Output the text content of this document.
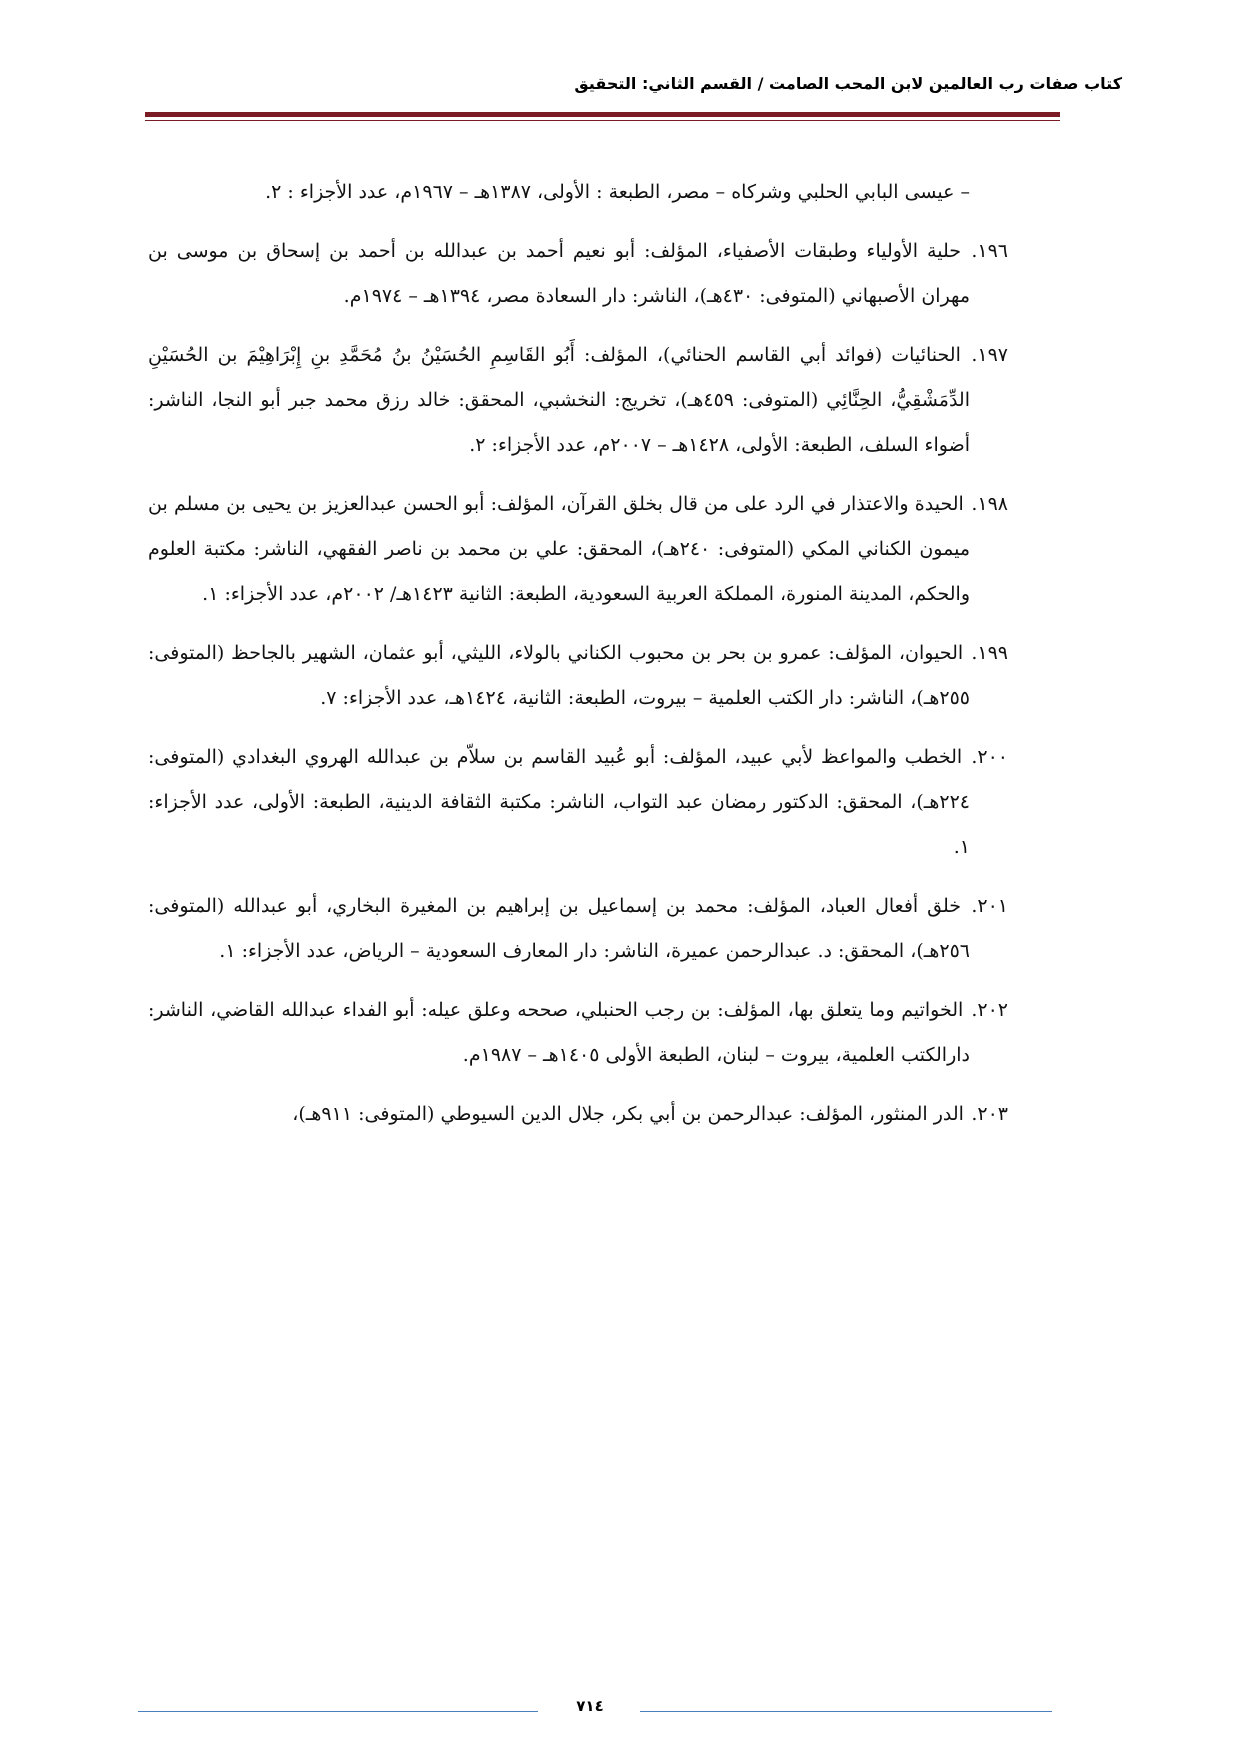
كتاب صفات رب العالمين لابن المحب الصامت / القسم الثاني: التحقيق

– عيسى البابي الحلبي وشركاه – مصر، الطبعة : الأولى، ١٣٨٧هـ – ١٩٦٧م، عدد الأجزاء : ٢.

١٩٦. حلية الأولياء وطبقات الأصفياء، المؤلف: أبو نعيم أحمد بن عبدالله بن أحمد بن إسحاق بن موسى بن مهران الأصبهاني (المتوفى: ٤٣٠هـ)، الناشر: دار السعادة مصر، ١٣٩٤هـ – ١٩٧٤م.

١٩٧. الحنائيات (فوائد أبي القاسم الحنائي)، المؤلف: أَبُو القَاسِمِ الحُسَيْنُ بنُ مُحَمَّدِ بنِ إِبْرَاهِيْمَ بن الحُسَيْنِ الدِّمَشْقِيُّ، الحِنَّائِي (المتوفى: ٤٥٩هـ)، تخريج: النخشبي، المحقق: خالد رزق محمد جبر أبو النجا، الناشر: أضواء السلف، الطبعة: الأولى، ١٤٢٨هـ – ٢٠٠٧م، عدد الأجزاء: ٢.

١٩٨. الحيدة والاعتذار في الرد على من قال بخلق القرآن، المؤلف: أبو الحسن عبدالعزيز بن يحيى بن مسلم بن ميمون الكناني المكي (المتوفى: ٢٤٠هـ)، المحقق: علي بن محمد بن ناصر الفقهي، الناشر: مكتبة العلوم والحكم، المدينة المنورة، المملكة العربية السعودية، الطبعة: الثانية ١٤٢٣هـ/ ٢٠٠٢م، عدد الأجزاء: ١.

١٩٩. الحيوان، المؤلف: عمرو بن بحر بن محبوب الكناني بالولاء، الليثي، أبو عثمان، الشهير بالجاحظ (المتوفى: ٢٥٥هـ)، الناشر: دار الكتب العلمية – بيروت، الطبعة: الثانية، ١٤٢٤هـ، عدد الأجزاء: ٧.

٢٠٠. الخطب والمواعظ لأبي عبيد، المؤلف: أبو عُبيد القاسم بن سلاّم بن عبدالله الهروي البغدادي (المتوفى: ٢٢٤هـ)، المحقق: الدكتور رمضان عبد التواب، الناشر: مكتبة الثقافة الدينية، الطبعة: الأولى، عدد الأجزاء: ١.

٢٠١. خلق أفعال العباد، المؤلف: محمد بن إسماعيل بن إبراهيم بن المغيرة البخاري، أبو عبدالله (المتوفى: ٢٥٦هـ)، المحقق: د. عبدالرحمن عميرة، الناشر: دار المعارف السعودية – الرياض، عدد الأجزاء: ١.

٢٠٢. الخواتيم وما يتعلق بها، المؤلف: بن رجب الحنبلي، صححه وعلق عيله: أبو الفداء عبدالله القاضي، الناشر: دارالكتب العلمية، بيروت – لبنان، الطبعة الأولى ١٤٠٥هـ – ١٩٨٧م.

٢٠٣. الدر المنثور، المؤلف: عبدالرحمن بن أبي بكر، جلال الدين السيوطي (المتوفى: ٩١١هـ)،

٧١٤
